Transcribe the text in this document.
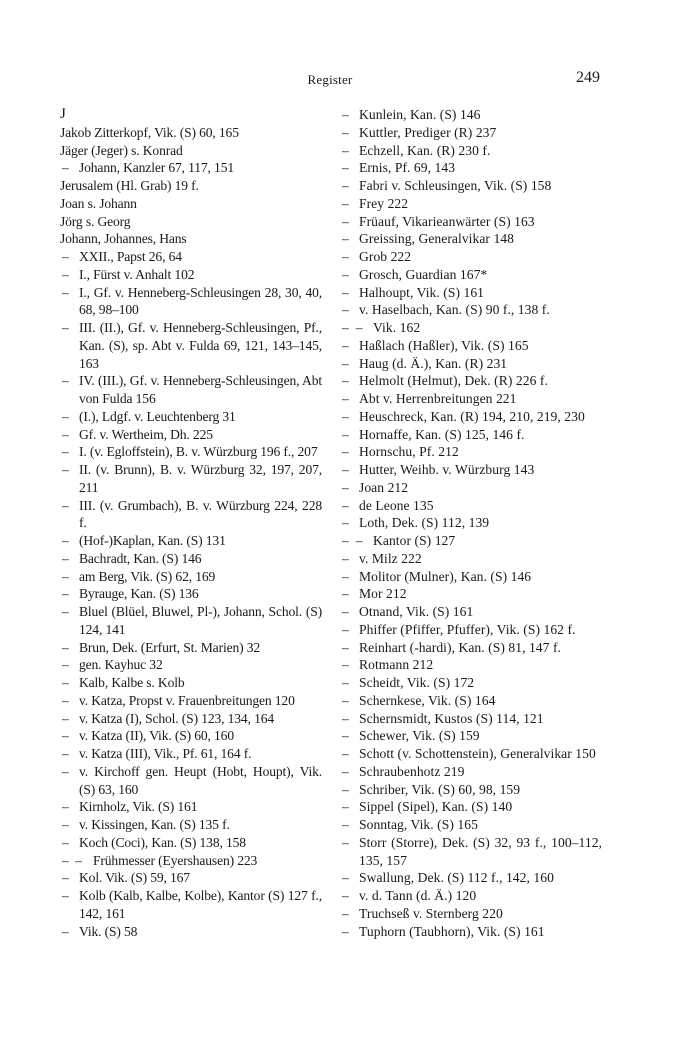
Register	249

J

Jakob Zitterkopf, Vik. (S) 60, 165

Jäger (Jeger) s. Konrad

– Johann, Kanzler 67, 117, 151

Jerusalem (Hl. Grab) 19 f.

Joan s. Johann

Jörg s. Georg

Johann, Johannes, Hans

– XXII., Papst 26, 64

– I., Fürst v. Anhalt 102

– I., Gf. v. Henneberg-Schleusingen 28, 30, 40, 68, 98–100

– III. (II.), Gf. v. Henneberg-Schleusingen, Pf., Kan. (S), sp. Abt v. Fulda 69, 121, 143–145, 163

– IV. (III.), Gf. v. Henneberg-Schleusingen, Abt von Fulda 156

– (I.), Ldgf. v. Leuchtenberg 31

– Gf. v. Wertheim, Dh. 225

– I. (v. Egloffstein), B. v. Würzburg 196 f., 207

– II. (v. Brunn), B. v. Würzburg 32, 197, 207, 211

– III. (v. Grumbach), B. v. Würzburg 224, 228 f.

– (Hof-)Kaplan, Kan. (S) 131

– Bachradt, Kan. (S) 146

– am Berg, Vik. (S) 62, 169

– Byrauge, Kan. (S) 136

– Bluel (Blüel, Bluwel, Pl-), Johann, Schol. (S) 124, 141

– Brun, Dek. (Erfurt, St. Marien) 32

– gen. Kayhuc 32

– Kalb, Kalbe s. Kolb

– v. Katza, Propst v. Frauenbreitungen 120

– v. Katza (I), Schol. (S) 123, 134, 164

– v. Katza (II), Vik. (S) 60, 160

– v. Katza (III), Vik., Pf. 61, 164 f.

– v. Kirchoff gen. Heupt (Hobt, Houpt), Vik. (S) 63, 160

– Kirnholz, Vik. (S) 161

– v. Kissingen, Kan. (S) 135 f.

– Koch (Coci), Kan. (S) 138, 158

–  – Frühmesser (Eyershausen) 223

– Kol. Vik. (S) 59, 167

– Kolb (Kalb, Kalbe, Kolbe), Kantor (S) 127 f., 142, 161

– Vik. (S) 58

– Kunlein, Kan. (S) 146

– Kuttler, Prediger (R) 237

– Echzell, Kan. (R) 230 f.

– Ernis, Pf. 69, 143

– Fabri v. Schleusingen, Vik. (S) 158

– Frey 222

– Früauf, Vikarieanwärter (S) 163

– Greissing, Generalvikar 148

– Grob 222

– Grosch, Guardian 167*

– Halhoupt, Vik. (S) 161

– v. Haselbach, Kan. (S) 90 f., 138 f.

–  – Vik. 162

– Haßlach (Haßler), Vik. (S) 165

– Haug (d. Ä.), Kan. (R) 231

– Helmolt (Helmut), Dek. (R) 226 f.

– Abt v. Herrenbreitungen 221

– Heuschreck, Kan. (R) 194, 210, 219, 230

– Hornaffe, Kan. (S) 125, 146 f.

– Hornschu, Pf. 212

– Hutter, Weihb. v. Würzburg 143

– Joan 212

– de Leone 135

– Loth, Dek. (S) 112, 139

–  – Kantor (S) 127

– v. Milz 222

– Molitor (Mulner), Kan. (S) 146

– Mor 212

– Otnand, Vik. (S) 161

– Phiffer (Pfiffer, Pfuffer), Vik. (S) 162 f.

– Reinhart (-hardi), Kan. (S) 81, 147 f.

– Rotmann 212

– Scheidt, Vik. (S) 172

– Schernkese, Vik. (S) 164

– Schernsmidt, Kustos (S) 114, 121

– Schewer, Vik. (S) 159

– Schott (v. Schottenstein), Generalvikar 150

– Schraubenhotz 219

– Schriber, Vik. (S) 60, 98, 159

– Sippel (Sipel), Kan. (S) 140

– Sonntag, Vik. (S) 165

– Storr (Storre), Dek. (S) 32, 93 f., 100–112, 135, 157

– Swallung, Dek. (S) 112 f., 142, 160

– v. d. Tann (d. Ä.) 120

– Truchseß v. Sternberg 220

– Tuphorn (Taubhorn), Vik. (S) 161
